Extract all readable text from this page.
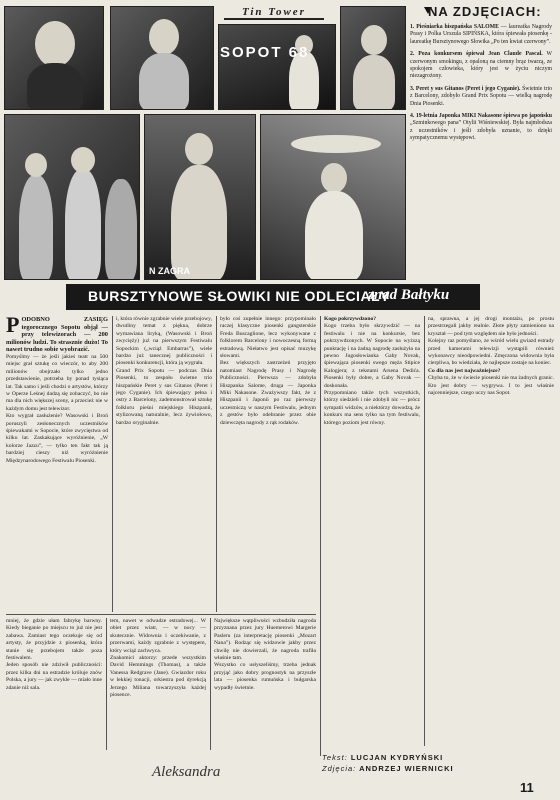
Tin Tower
SOPOT 68
N ZAGRA
NA ZDJĘCIACH:

1. Pieśniarka hiszpańska SALOME — laureatka Nagrody Prasy i Polka Urszula SIPIŃSKA, która śpiewała piosenkę - laureatkę Bursztynowego Słowika „Po ten kwiat czerwony”.

2. Poza konkursem śpiewał Jean Claude Pascal. W czerwonym smokingu, z opaloną na ciemny brąz twarzą, ze spokojem człowieka, który jest w życiu niczym niezagrożony.

3. Peret y sus Gitanos (Peret i jego Cyganie). Świetnie trio z Barcelony, zdobyło Grand Prix Sopotu — wielką nagrodę Dnia Piosenki.

4. 19-letnia Japonka MIKI Nakasone śpiewa po japońsku „Szminkowego pana” Otylii Wiśniewskiej. Była najmłodsza z uczestników i jeśli zdobyła uznanie, to dzięki sympatycznemu występowi.

BURSZTYNOWE SŁOWIKI NIE ODLECIAŁY
znad Bałtyku
P ODOBNO ZASIĘG tegorocznego Sopotu objął — przy telewizorach — 200 milionów ludzi. To strasznie dużo! To nawet trudno sobie wyobrazić.

Pomyślmy — że jeśli jakieś teatr na 500 miejsc grał sztukę co wieczór, to aby 200 milionów obejrzało tylko jedno przedstawienie, potrzeba by ponad tysiąca lat. Tak samo i jeśli chodzi o artystów, którzy w Operze Leśnej dadzą się zobaczyć, bo nie ma dla nich większej sceny, a przecież nie w każdym domu jest telewizor.

Kto wygrał zasłużenie? Wasowski i Broń poruszyli zesłonecznych uczestników śpiewakami w Sopocie, które zwycięstwa od kilku lat. Zaskakujące wyróżnienie, „W kolorze Jazzu”, — tylko ten fakt tak ją bardziej cieszy niż wyróżnienie Międzynarodowego Festiwalu Piosenki.

i, która równie zgrabnie wiele przebojowy, dwutliny temat z piękna, dobrze wymawiana liryką, (Wasowski i Broń zwycięży) już na pierwszym Festiwalu Sopockim („wciąż Embarras”), wiele bardzo już tanecznej publiczności i piosenki konkurencji, która ją wygrała.

Grand Prix Sopotu — podczas Dnia Piosenki, to zespołu świetne trio hiszpańskie Peret y sus Gitanos (Peret i jego Cyganie). Ich śpiewający pełna i ostry z Barcelony, zademonstrował sztukę folkloru pieśni miejskiego Hiszpanii, stylizowaną naturalnie, lecz żywiołowo, bardzo oryginalnie.

było coś zupełnie innego: przypominało raczej klasyczne piosenki gangsterskie Freda Buscaglione, lecz wykonywane z folklorem Barcelony i nowoczesną formą estradową. Niełatwo jest opisać muzykę słowami.

Bez większych zastrzeżeń przyjęto natomiast Nagrodę Prasy i Nagrodę Publiczności. Pierwsza — zdobyła Hiszpanka Salome, druga — Japonka Miki Nakasone. Zważywszy fakt, że z Hiszpanii i Japonii po raz pierwszy uczestniczą w naszym Festiwalu, jednym z gestów było odebranie przez obie dziewczęta nagrody z rąk rodaków.

Kogo pokrzywdzono?

Kogo trzeba było skrzywdzić — na festiwalu i nie na konkursie, bez pokrzywdzonych. W Sopocie na wyższą punktację i na żadną nagrodę zasłużyła na pewno Jugosłowianka Gaby Novak, śpiewająca piosenki swego męża Stipice Kalogjera; z tekstami Arsena Dedića. Piosenki były dobre, a Gaby Novak — doskonała.

Przypomniano także tych wszystkich, którzy siedzieli i nie zdobyli nic — prócz sympatii widzów, a niektórzy dowodzą, że konkurs ma sens tylko na tym festiwalu, którego poziom jest równy.

na, sprawna, a jej drogi montażu, po prostu przestrzegali jakby realnie. Złote płyty zamieniono na kryształ — pod tym względem nie było jedności.

Kolejny raz pomyślano, ze wśród wielu gwiazd estrady przed kamerami telewizji wystąpili również wykonawcy nieodpowiedni. Zmęczona widownia była cierpliwa, bo wiedziała, że najlepsze zostaje na koniec.

Co dla nas jest najważniejsze?

Chyba to, że w świecie piosenki nie ma żadnych granic. Kto jest dobry — wygrywa. I to jest właśnie najcenniejsze, czego uczy nas Sopot.

mniej, że gdzie ułam fabrykę barwny. Kiedy bieganie po miejscu to już nie jest zabawa. Zamiast tego oczekuje się od artysty, że przyjdzie z piosenką, która stanie się przebojem także poza festiwalem.

Jeden sposób nie zdziwił publiczności: przez kilka dni na estradzie króluje znów Polska, a jury — jak zwykle — miało inne zdanie niż sala.

tem, nawet w odwadze estradowej... W obiet przez wiatr, — w nocy — skutecznie. Widownia i oczekiwanie, z przerwami, każdy zgrabnie z występem, który wciąż zachwyca.

Znakomici aktorzy: przede wszystkim David Hemmings (Thomas), a także Vanessa Redgrave (Jane). Gwiazdor roku w lekkiej tonacji, orkiestra pod dyrekcją Jerzego Miliana towarzyszyła każdej piosence.

Największe wątpliwości wzbudziła nagroda przyznana przez jury Huemerowi Margerie Pasleru (za interpretację piosenki „Mozart Nana”). Rodząc się widzowie jakby przez chwilę nie dowierzali, że nagroda trafiła właśnie tam.

Wszystko co usłyszeliśmy, trzeba jednak przyjąć jako dobry prognostyk na przyszłe lata — piosenka rumuńska i bułgarska wypadły świetnie.

Aleksandra
Tekst: LUCJAN KYDRYŃSKI
Zdjęcia: ANDRZEJ WIERNICKI
11
